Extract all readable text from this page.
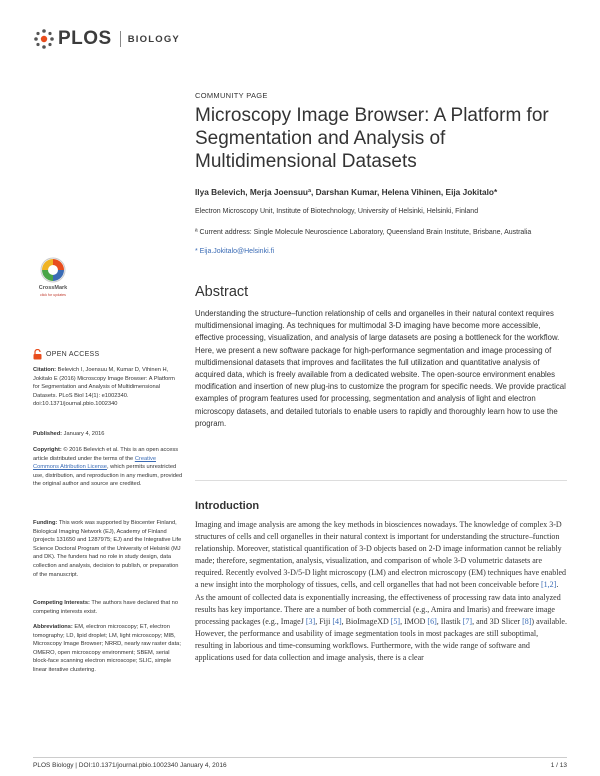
PLOS BIOLOGY
COMMUNITY PAGE
Microscopy Image Browser: A Platform for Segmentation and Analysis of Multidimensional Datasets
Ilya Belevich, Merja Joensuuª, Darshan Kumar, Helena Vihinen, Eija Jokitalo*
Electron Microscopy Unit, Institute of Biotechnology, University of Helsinki, Helsinki, Finland
ª Current address: Single Molecule Neuroscience Laboratory, Queensland Brain Institute, Brisbane, Australia
* Eija.Jokitalo@Helsinki.fi
CrossMark
click for updates	Abstract
Understanding the structure–function relationship of cells and organelles in their natural context requires multidimensional imaging. As techniques for multimodal 3-D imaging have become more accessible, effective processing, visualization, and analysis of large datasets are posing a bottleneck for the workflow. Here, we present a new software package for high-performance segmentation and image processing of multidimensional datasets that improves and facilitates the full utilization and quantitative analysis of acquired data, which is freely available from a dedicated website. The open-source environment enables modification and insertion of new plug-ins to customize the program for specific needs. We provide practical examples of program features used for processing, segmentation and analysis of light and electron microscopy datasets, and detailed tutorials to enable users to rapidly and thoroughly learn how to use the program.
OPEN ACCESS
Citation: Belevich I, Joensuu M, Kumar D, Vihinen H, Jokitalo E (2016) Microscopy Image Browser: A Platform for Segmentation and Analysis of Multidimensional Datasets. PLoS Biol 14(1): e1002340. doi:10.1371/journal.pbio.1002340
Published: January 4, 2016
Copyright: © 2016 Belevich et al. This is an open access article distributed under the terms of the Creative Commons Attribution License, which permits unrestricted use, distribution, and reproduction in any medium, provided the original author and source are credited.
Funding: This work was supported by Biocenter Finland, Biological Imaging Network (EJ), Academy of Finland (projects 131650 and 1287975; EJ) and the Integrative Life Science Doctoral Program of the University of Helsinki (MJ and DK). The funders had no role in study design, data collection and analysis, decision to publish, or preparation of the manuscript.
Competing Interests: The authors have declared that no competing interests exist.
Abbreviations: EM, electron microscopy; ET, electron tomography; LD, lipid droplet; LM, light microscopy; MIB, Microscopy Image Browser; NRRD, nearly raw raster data; OMERO, open microscopy environment; SBEM, serial block-face scanning electron microscope; SLIC, simple linear iterative clustering.
Introduction
Imaging and image analysis are among the key methods in biosciences nowadays. The knowledge of complex 3-D structures of cells and cell organelles in their natural context is important for understanding the structure–function relationship. Moreover, statistical quantification of 3-D objects based on 2-D image information cannot be reliably made; therefore, segmentation, analysis, visualization, and comparison of whole 3-D volumetric datasets are required. Recently evolved 3-D/5-D light microscopy (LM) and electron microscopy (EM) techniques have enabled a new insight into the morphology of tissues, cells, and cell organelles that had not been conceivable before [1,2]. As the amount of collected data is exponentially increasing, the effectiveness of processing raw data into analyzed results has key importance. There are a number of both commercial (e.g., Amira and Imaris) and freeware image processing packages (e.g., ImageJ [3], Fiji [4], BioImageXD [5], IMOD [6], Ilastik [7], and 3D Slicer [8]) available. However, the performance and usability of image segmentation tools in most packages are still suboptimal, resulting in laborious and time-consuming workflows. Furthermore, with the wide range of software and applications used for data collection and image analysis, there is a clear
PLOS Biology | DOI:10.1371/journal.pbio.1002340 January 4, 2016	1 / 13
